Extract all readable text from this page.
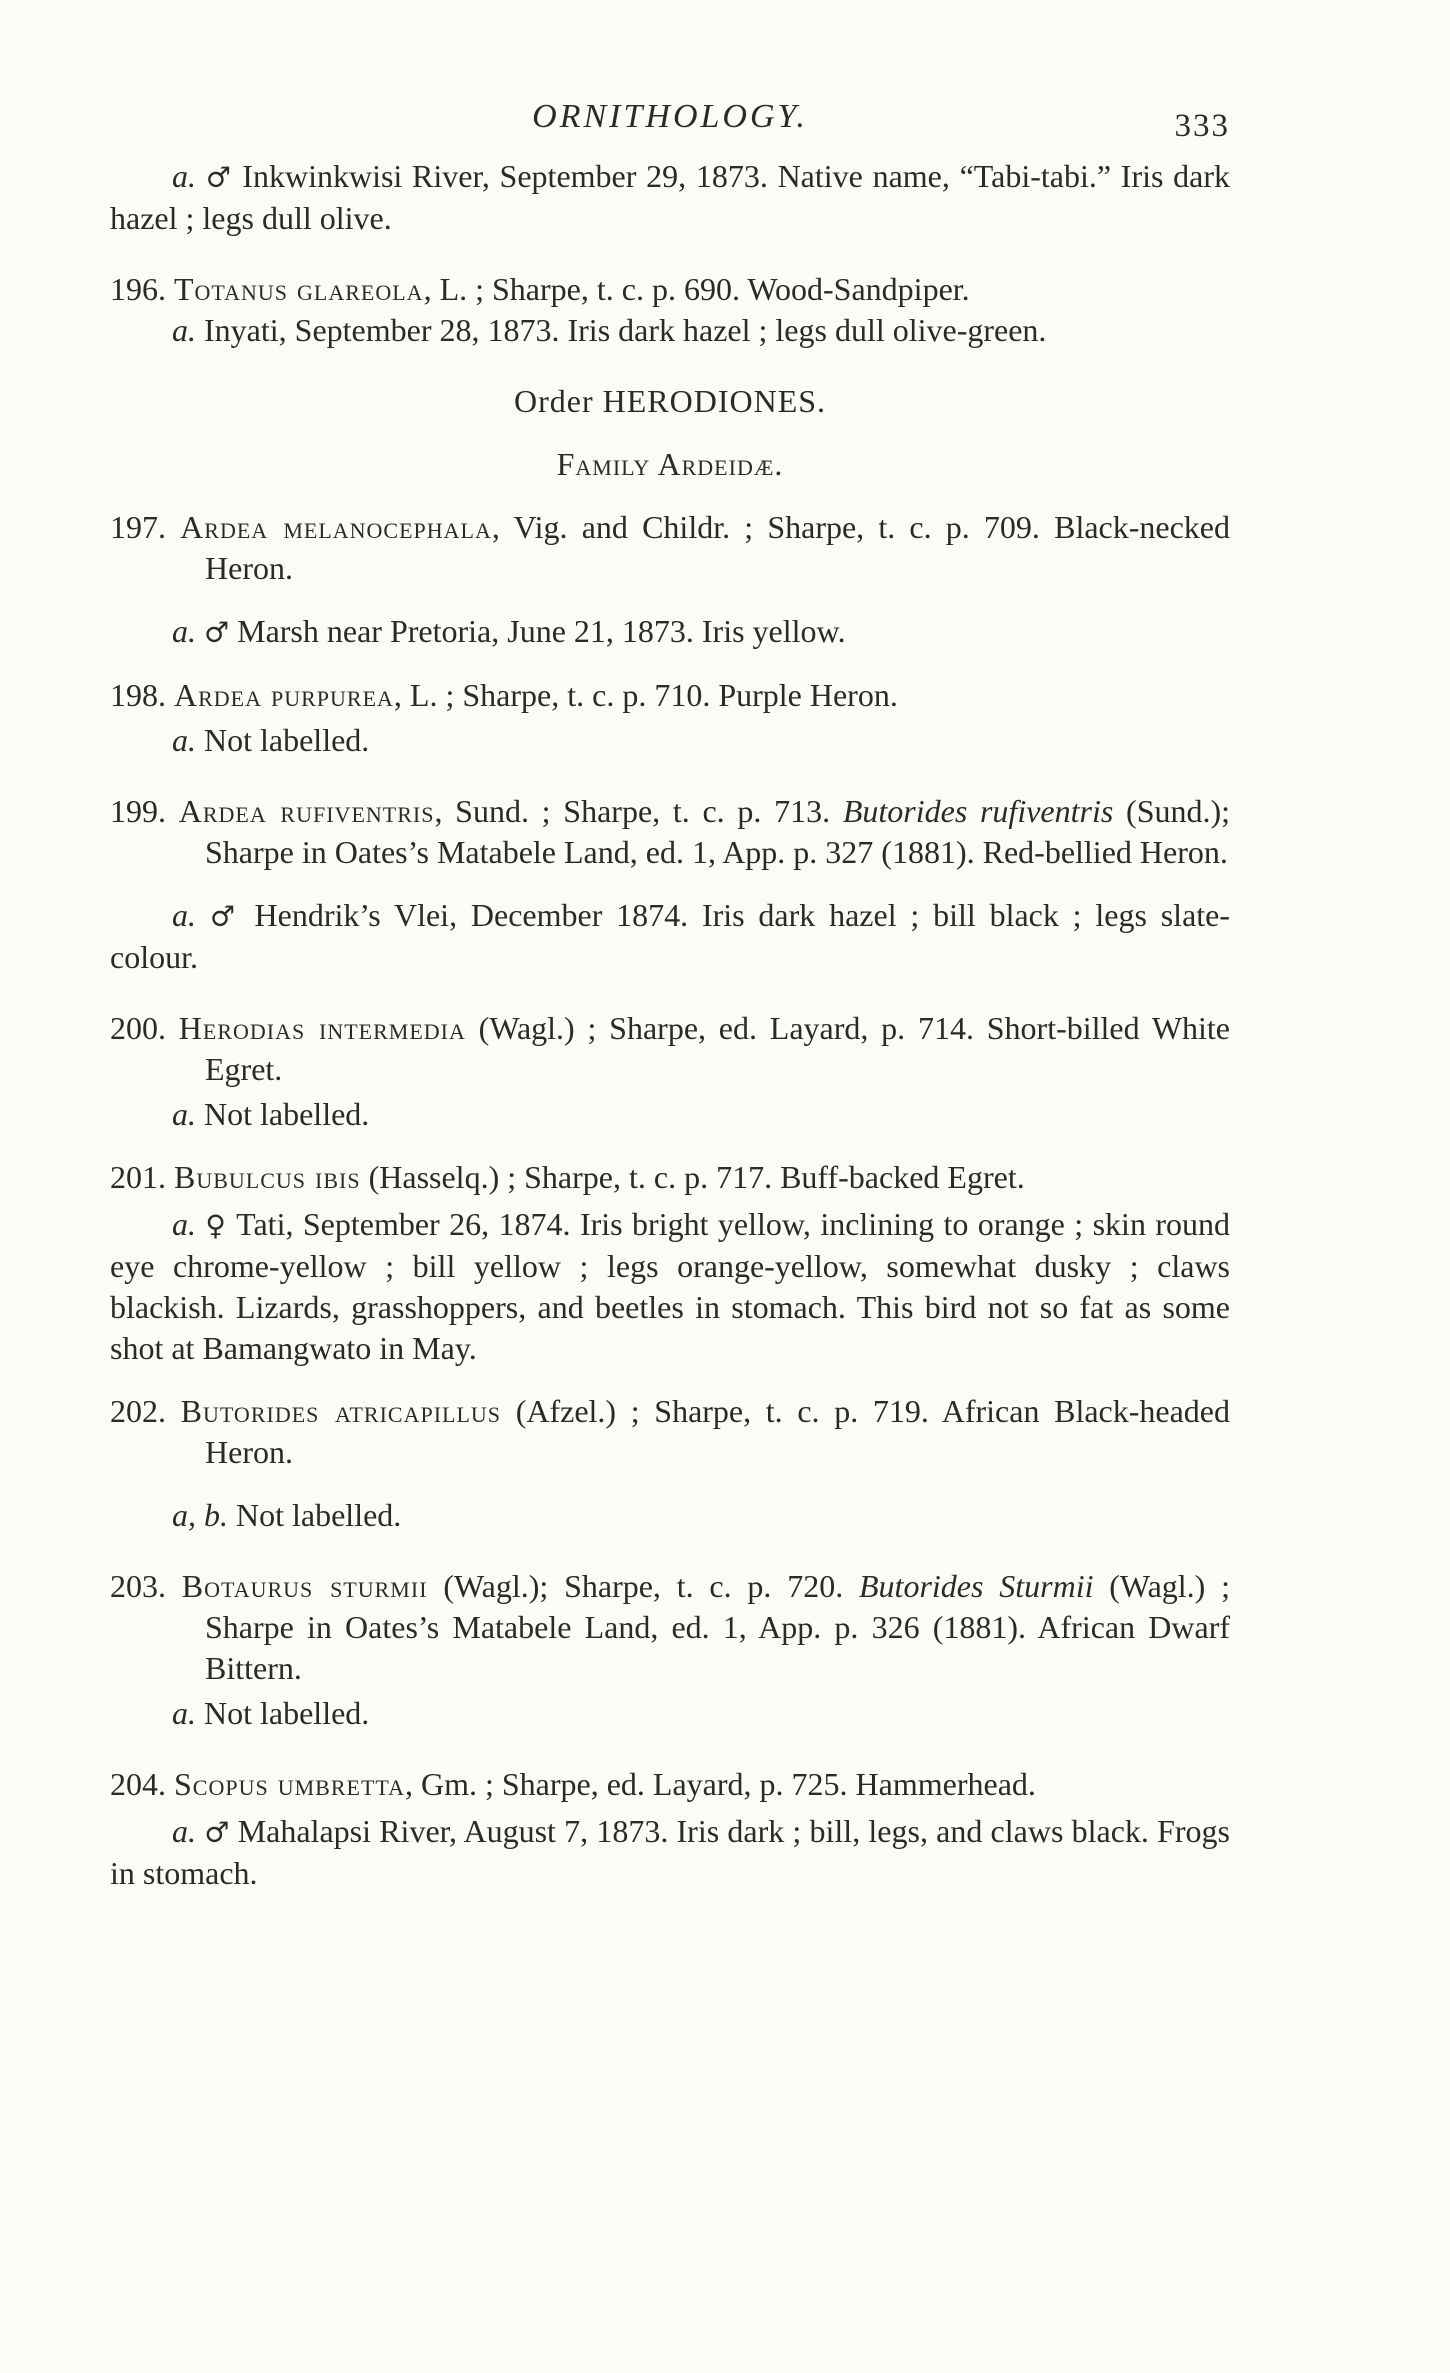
ORNITHOLOGY.	333

a. ♂ Inkwinkwisi River, September 29, 1873. Native name, “Tabi-tabi.” Iris dark hazel ; legs dull olive.

196. Totanus glareola, L. ; Sharpe, t. c. p. 690. Wood-Sandpiper.

a. Inyati, September 28, 1873. Iris dark hazel ; legs dull olive-green.

Order HERODIONES.

Family Ardeidæ.

197. Ardea melanocephala, Vig. and Childr. ; Sharpe, t. c. p. 709. Black-necked Heron.

a. ♂ Marsh near Pretoria, June 21, 1873. Iris yellow.

198. Ardea purpurea, L. ; Sharpe, t. c. p. 710. Purple Heron.

a. Not labelled.

199. Ardea rufiventris, Sund. ; Sharpe, t. c. p. 713. Butorides rufiventris (Sund.); Sharpe in Oates’s Matabele Land, ed. 1, App. p. 327 (1881). Red-bellied Heron.

a. ♂ Hendrik’s Vlei, December 1874. Iris dark hazel ; bill black ; legs slate-colour.

200. Herodias intermedia (Wagl.) ; Sharpe, ed. Layard, p. 714. Short-billed White Egret.

a. Not labelled.

201. Bubulcus ibis (Hasselq.) ; Sharpe, t. c. p. 717. Buff-backed Egret.

a. ♀ Tati, September 26, 1874. Iris bright yellow, inclining to orange ; skin round eye chrome-yellow ; bill yellow ; legs orange-yellow, somewhat dusky ; claws blackish. Lizards, grasshoppers, and beetles in stomach. This bird not so fat as some shot at Bamangwato in May.

202. Butorides atricapillus (Afzel.) ; Sharpe, t. c. p. 719. African Black-headed Heron.

a, b. Not labelled.

203. Botaurus sturmii (Wagl.); Sharpe, t. c. p. 720. Butorides Sturmii (Wagl.) ; Sharpe in Oates’s Matabele Land, ed. 1, App. p. 326 (1881). African Dwarf Bittern.

a. Not labelled.

204. Scopus umbretta, Gm. ; Sharpe, ed. Layard, p. 725. Hammerhead.

a. ♂ Mahalapsi River, August 7, 1873. Iris dark ; bill, legs, and claws black. Frogs in stomach.
